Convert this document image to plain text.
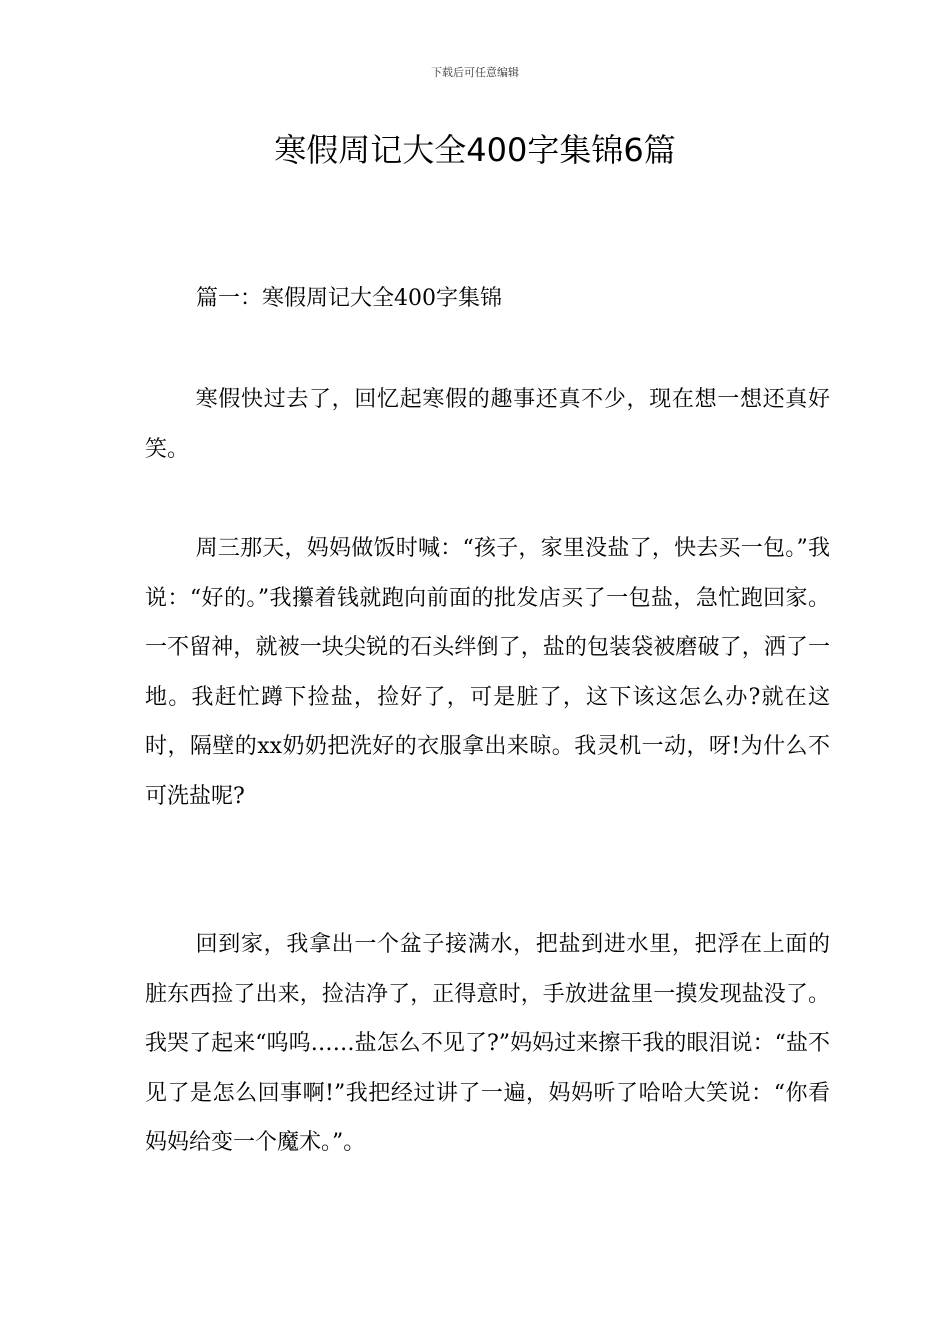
下载后可任意编辑
寒假周记大全400字集锦6篇
篇一：寒假周记大全400字集锦

寒假快过去了，回忆起寒假的趣事还真不少，现在想一想还真好笑。

周三那天，妈妈做饭时喊：“孩子，家里没盐了，快去买一包。”我说：“好的。”我攥着钱就跑向前面的批发店买了一包盐，急忙跑回家。一不留神，就被一块尖锐的石头绊倒了，盐的包装袋被磨破了，洒了一地。我赶忙蹲下捡盐，捡好了，可是脏了，这下该这怎么办?就在这时，隔壁的xx奶奶把洗好的衣服拿出来晾。我灵机一动，呀!为什么不可洗盐呢?

回到家，我拿出一个盆子接满水，把盐到进水里，把浮在上面的脏东西捡了出来，捡洁净了，正得意时，手放进盆里一摸发现盐没了。我哭了起来“呜呜……盐怎么不见了?”妈妈过来擦干我的眼泪说：“盐不见了是怎么回事啊!”我把经过讲了一遍，妈妈听了哈哈大笑说：“你看妈妈给变一个魔术。”。
